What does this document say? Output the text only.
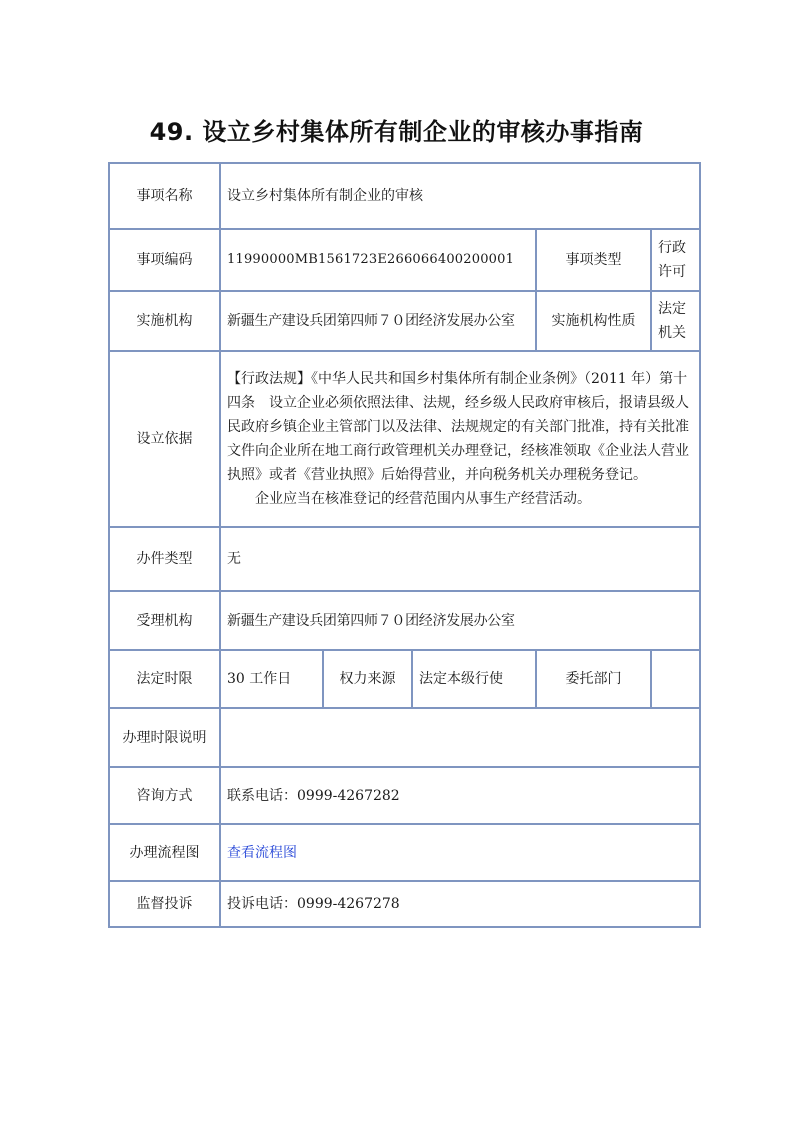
49. 设立乡村集体所有制企业的审核办事指南
事项名称	设立乡村集体所有制企业的审核				
事项编码	11990000MB1561723E266066400200001			事项类型	行政许可
实施机构	新疆生产建设兵团第四师７０团经济发展办公室			实施机构性质	法定机关
设立依据	【行政法规】《中华人民共和国乡村集体所有制企业条例》（2011 年）第十四条　设立企业必须依照法律、法规，经乡级人民政府审核后，报请县级人民政府乡镇企业主管部门以及法律、法规规定的有关部门批准，持有关批准文件向企业所在地工商行政管理机关办理登记，经核准领取《企业法人营业执照》或者《营业执照》后始得营业，并向税务机关办理税务登记。

企业应当在核准登记的经营范围内从事生产经营活动。				

办件类型	无				
受理机构	新疆生产建设兵团第四师７０团经济发展办公室				
法定时限	30 工作日	权力来源	法定本级行使	委托部门	
办理时限说明					
咨询方式	联系电话：0999-4267282				
办理流程图	查看流程图				
监督投诉	投诉电话：0999-4267278				
